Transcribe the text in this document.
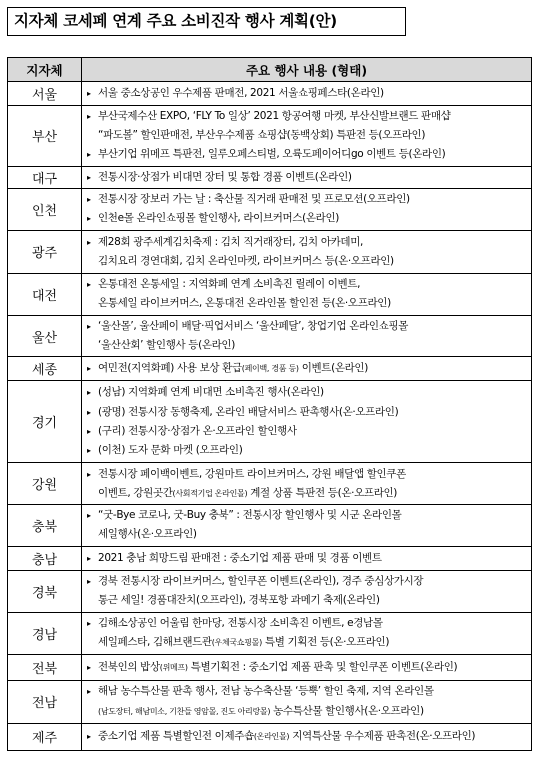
지자체 코세페 연계 주요 소비진작 행사 계획(안)
지자체	주요 행사 내용 (형태)
서울	▸ 서울 중소상공인 우수제품 판매전, 2021 서울쇼핑페스타(온라인)

부산	▸ 부산국제수산 EXPO, ‘FLY To 일상’ 2021 항공여행 마켓, 부산신발브랜드 판매샵
“파도볼” 할인판매전, 부산우수제품 쇼핑샵(동백상회) 특판전 등(오프라인)
▸ 부산기업 위메프 특판전, 일루오페스티벌, 오륙도페이어디go 이벤트 등(온라인)

대구	▸ 전통시장·상점가 비대면 장터 및 통합 경품 이벤트(온라인)

인천	▸ 전통시장 장보러 가는 날 : 축산물 직거래 판매전 및 프로모션(오프라인)
▸ 인천e몰 온라인쇼핑몰 할인행사, 라이브커머스(온라인)

광주	▸ 제28회 광주세계김치축제 : 김치 직거래장터, 김치 아카데미,
김치요리 경연대회, 김치 온라인마켓, 라이브커머스 등(온·오프라인)

대전	▸ 온통대전 온통세일 : 지역화폐 연계 소비촉진 릴레이 이벤트,
온통세일 라이브커머스, 온통대전 온라인몰 할인전 등(온·오프라인)

울산	▸ ‘울산몰’, 울산페이 배달·픽업서비스 ‘울산페달’, 창업기업 온라인쇼핑몰
‘울산산회’ 할인행사 등(온라인)

세종	▸ 여민전(지역화폐) 사용 보상 환급(페이백, 경품 등) 이벤트(온라인)

경기	▸ (성남) 지역화폐 연계 비대면 소비촉진 행사(온라인)
▸ (광명) 전통시장 동행축제, 온라인 배달서비스 판촉행사(온·오프라인)
▸ (구리) 전통시장·상점가 온·오프라인 할인행사
▸ (이천) 도자 문화 마켓 (오프라인)

강원	▸ 전통시장 페이백이벤트, 강원마트 라이브커머스, 강원 배달앱 할인쿠폰
이벤트, 강원곳간(사회적기업 온라인몰) 계절 상품 특판전 등(온·오프라인)

충북	▸ “굿-Bye 코로나, 굿-Buy 충북” : 전통시장 할인행사 및 시군 온라인몰
세일행사(온·오프라인)

충남	▸ 2021 충남 희망드림 판매전 : 중소기업 제품 판매 및 경품 이벤트

경북	▸ 경북 전통시장 라이브커머스, 할인쿠폰 이벤트(온라인), 경주 중심상가시장
통근 세일! 경품대잔치(오프라인), 경북포항 과메기 축제(온라인)

경남	▸ 김해소상공인 어울림 한마당, 전통시장 소비촉진 이벤트, e경남몰
세일페스타, 김해브랜드관(우체국쇼핑몰) 특별 기획전 등(온·오프라인)

전북	▸ 전북인의 밥상(위메프) 특별기획전 : 중소기업 제품 판촉 및 할인쿠폰 이벤트(온라인)

전남	▸ 해남 농수특산물 판촉 행사, 전남 농수축산물 ‘등뿍’ 할인 축제, 지역 온라인몰
(남도장터, 해남미소, 기찬들 영암몰, 진도 아리랑몰) 농수특산물 할인행사(온·오프라인)

제주	▸ 중소기업 제품 특별할인전 이제주숍(온라인몰) 지역특산물 우수제품 판촉전(온·오프라인)
